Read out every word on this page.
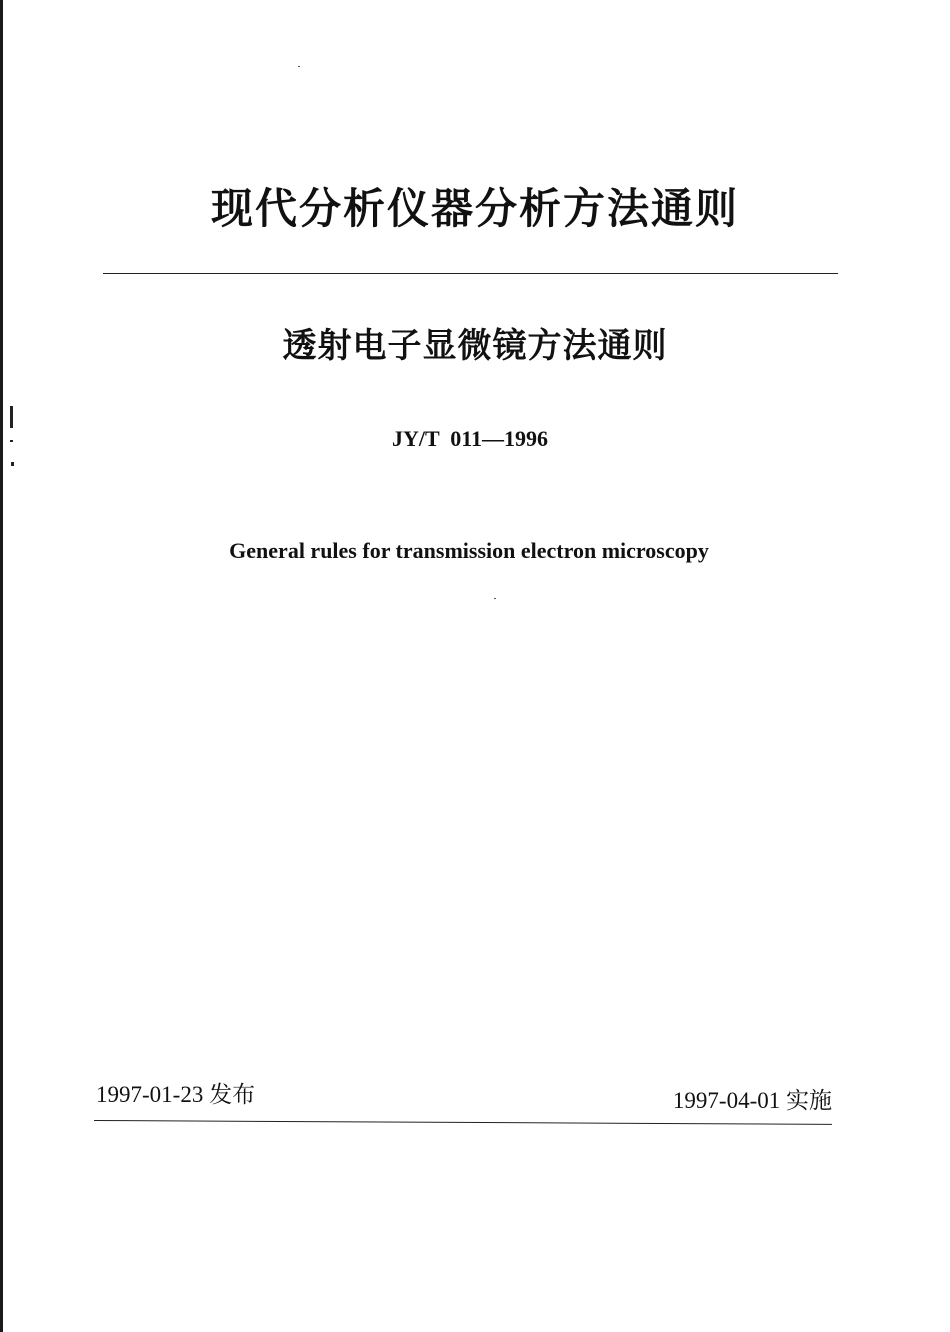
现代分析仪器分析方法通则
透射电子显微镜方法通则
JY/T  011—1996
General rules for transmission electron microscopy
1997-01-23 发布	1997-04-01 实施
